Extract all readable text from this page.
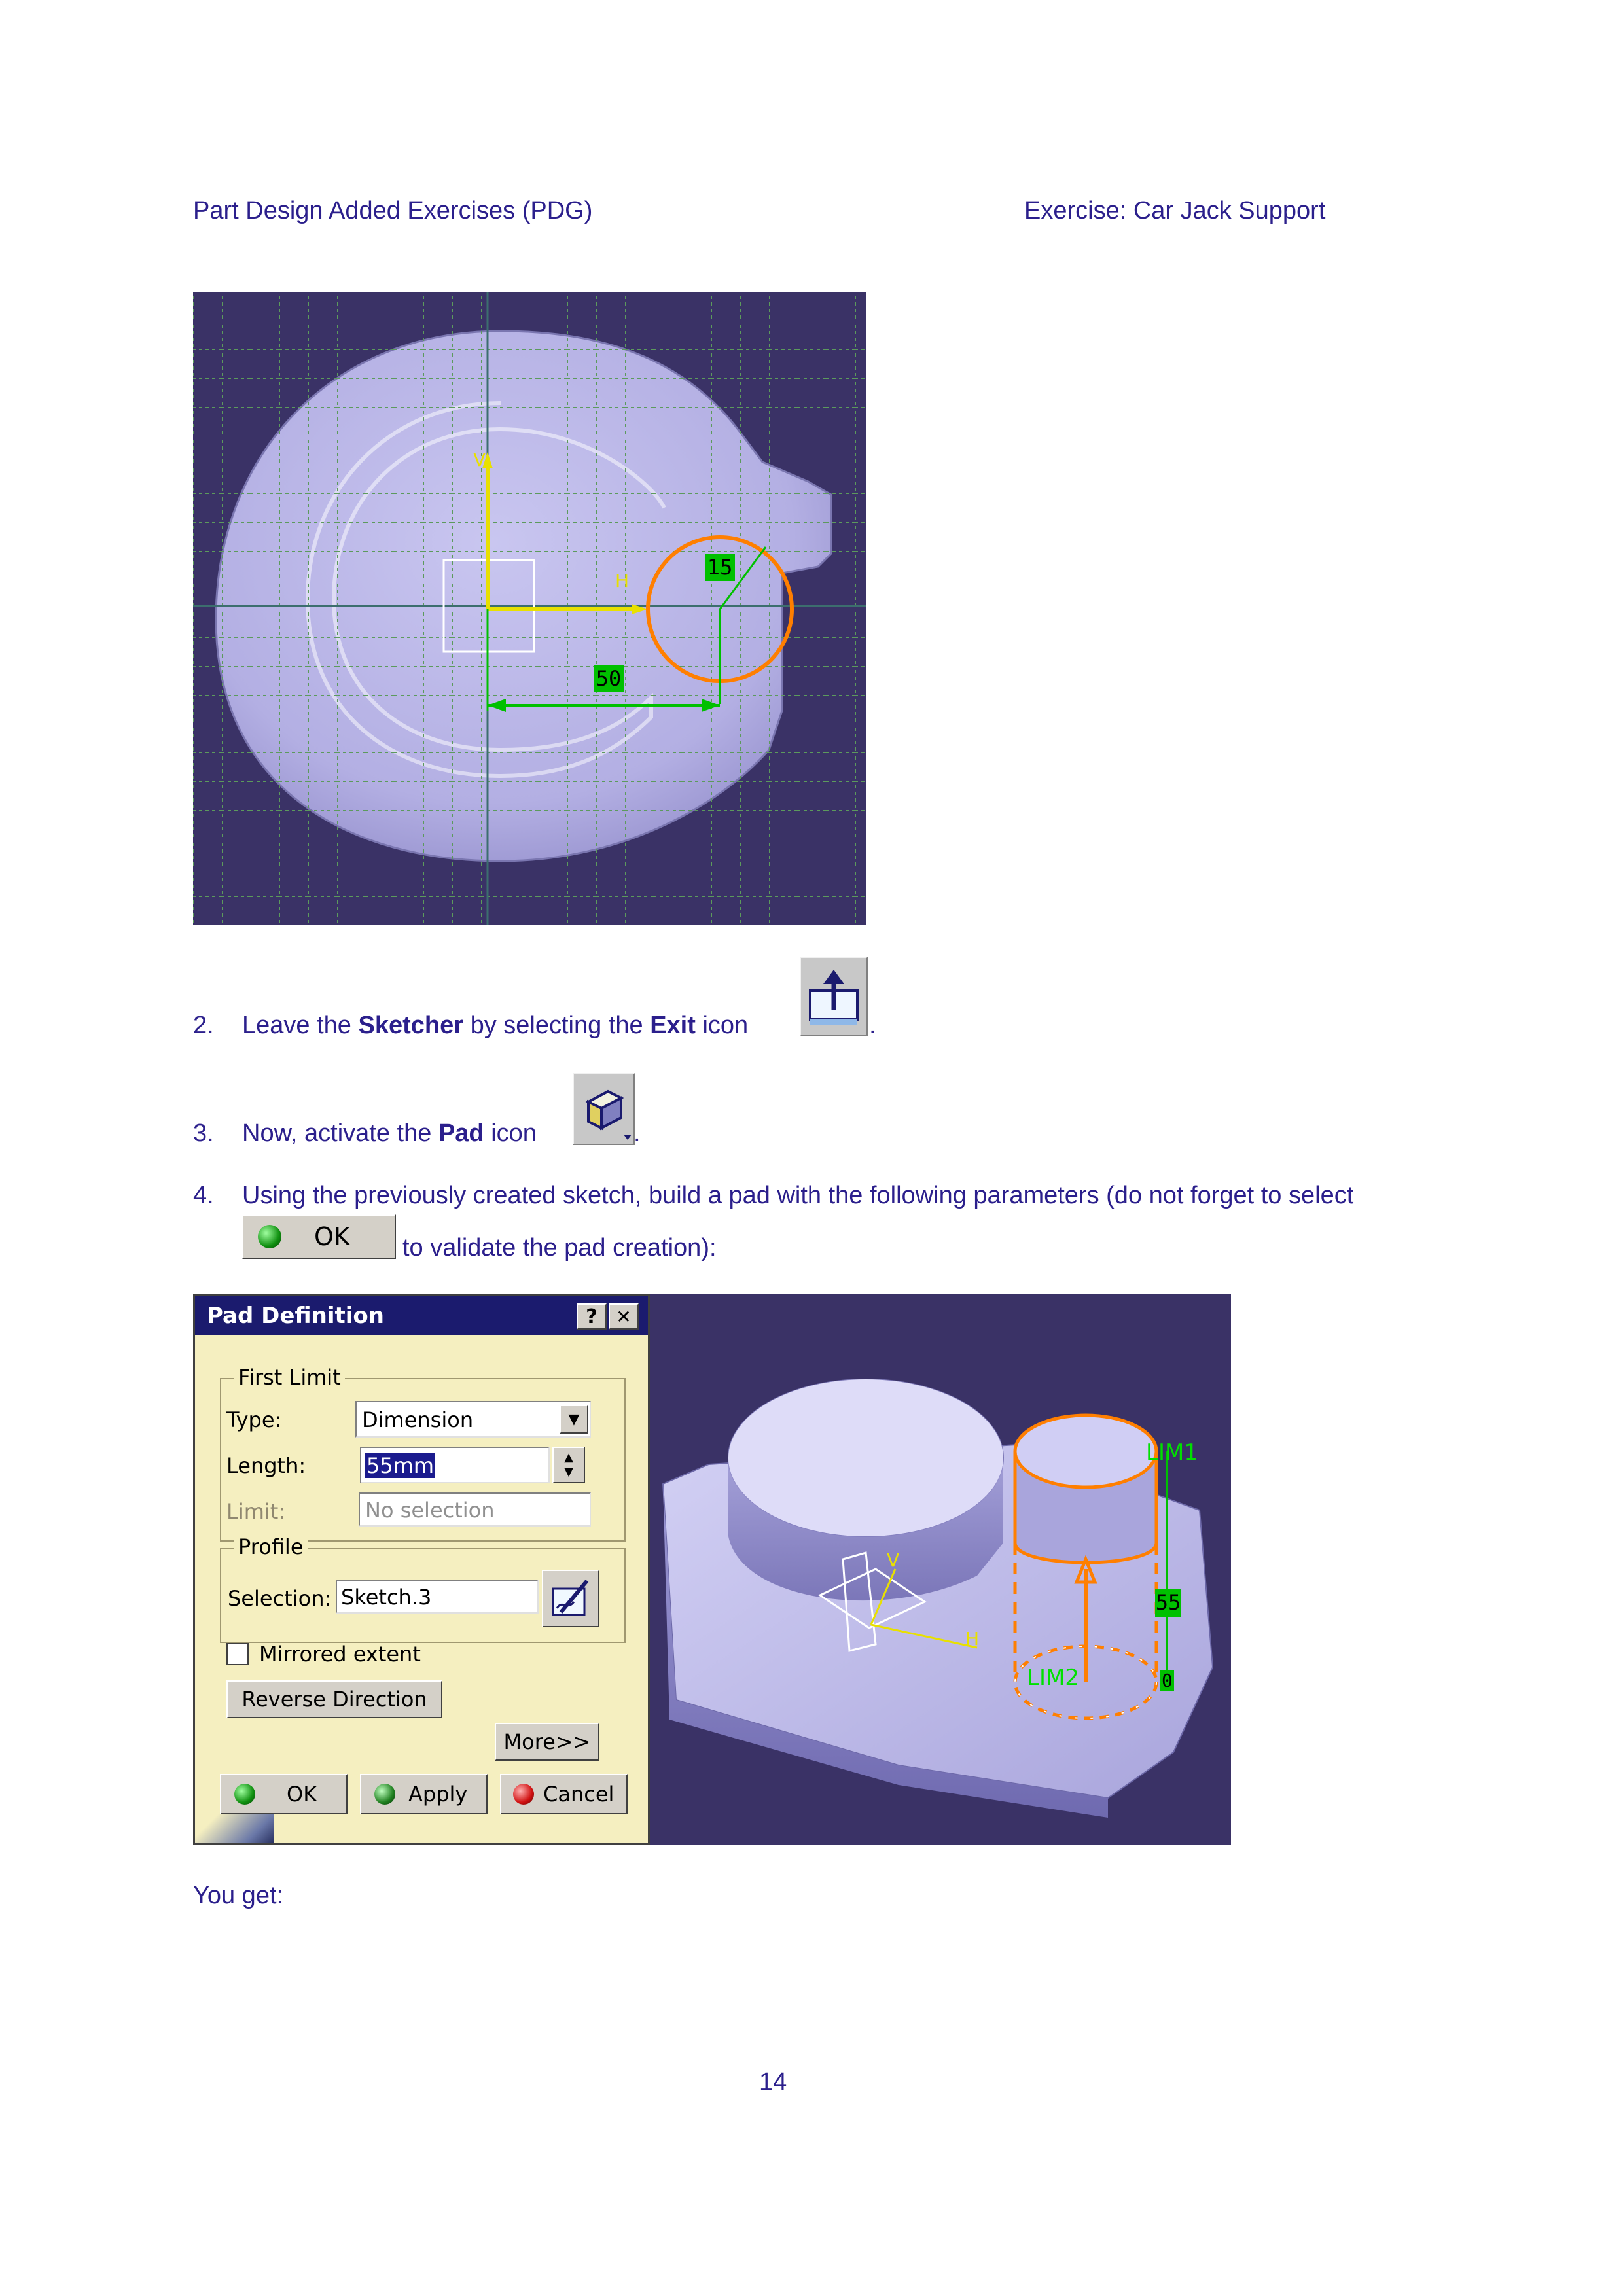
Part Design Added Exercises (PDG)	Exercise: Car Jack Support
50
15
V
H
2. Leave the Sketcher by selecting the Exit icon	.
3. Now, activate the Pad icon	.
4. Using the previously created sketch, build a pad with the following parameters (do not forget to select
OK to validate the pad creation):
Pad Definition	?	✕
First Limit
Type:	Dimension	▼
Length:	55mm	▲
▼
Limit:	No selection
Profile
Selection: Sketch.3
Mirrored extent
Reverse Direction
More>>
OK	Apply	Cancel
LIM1
LIM2
55
0
V
H
You get:
14
